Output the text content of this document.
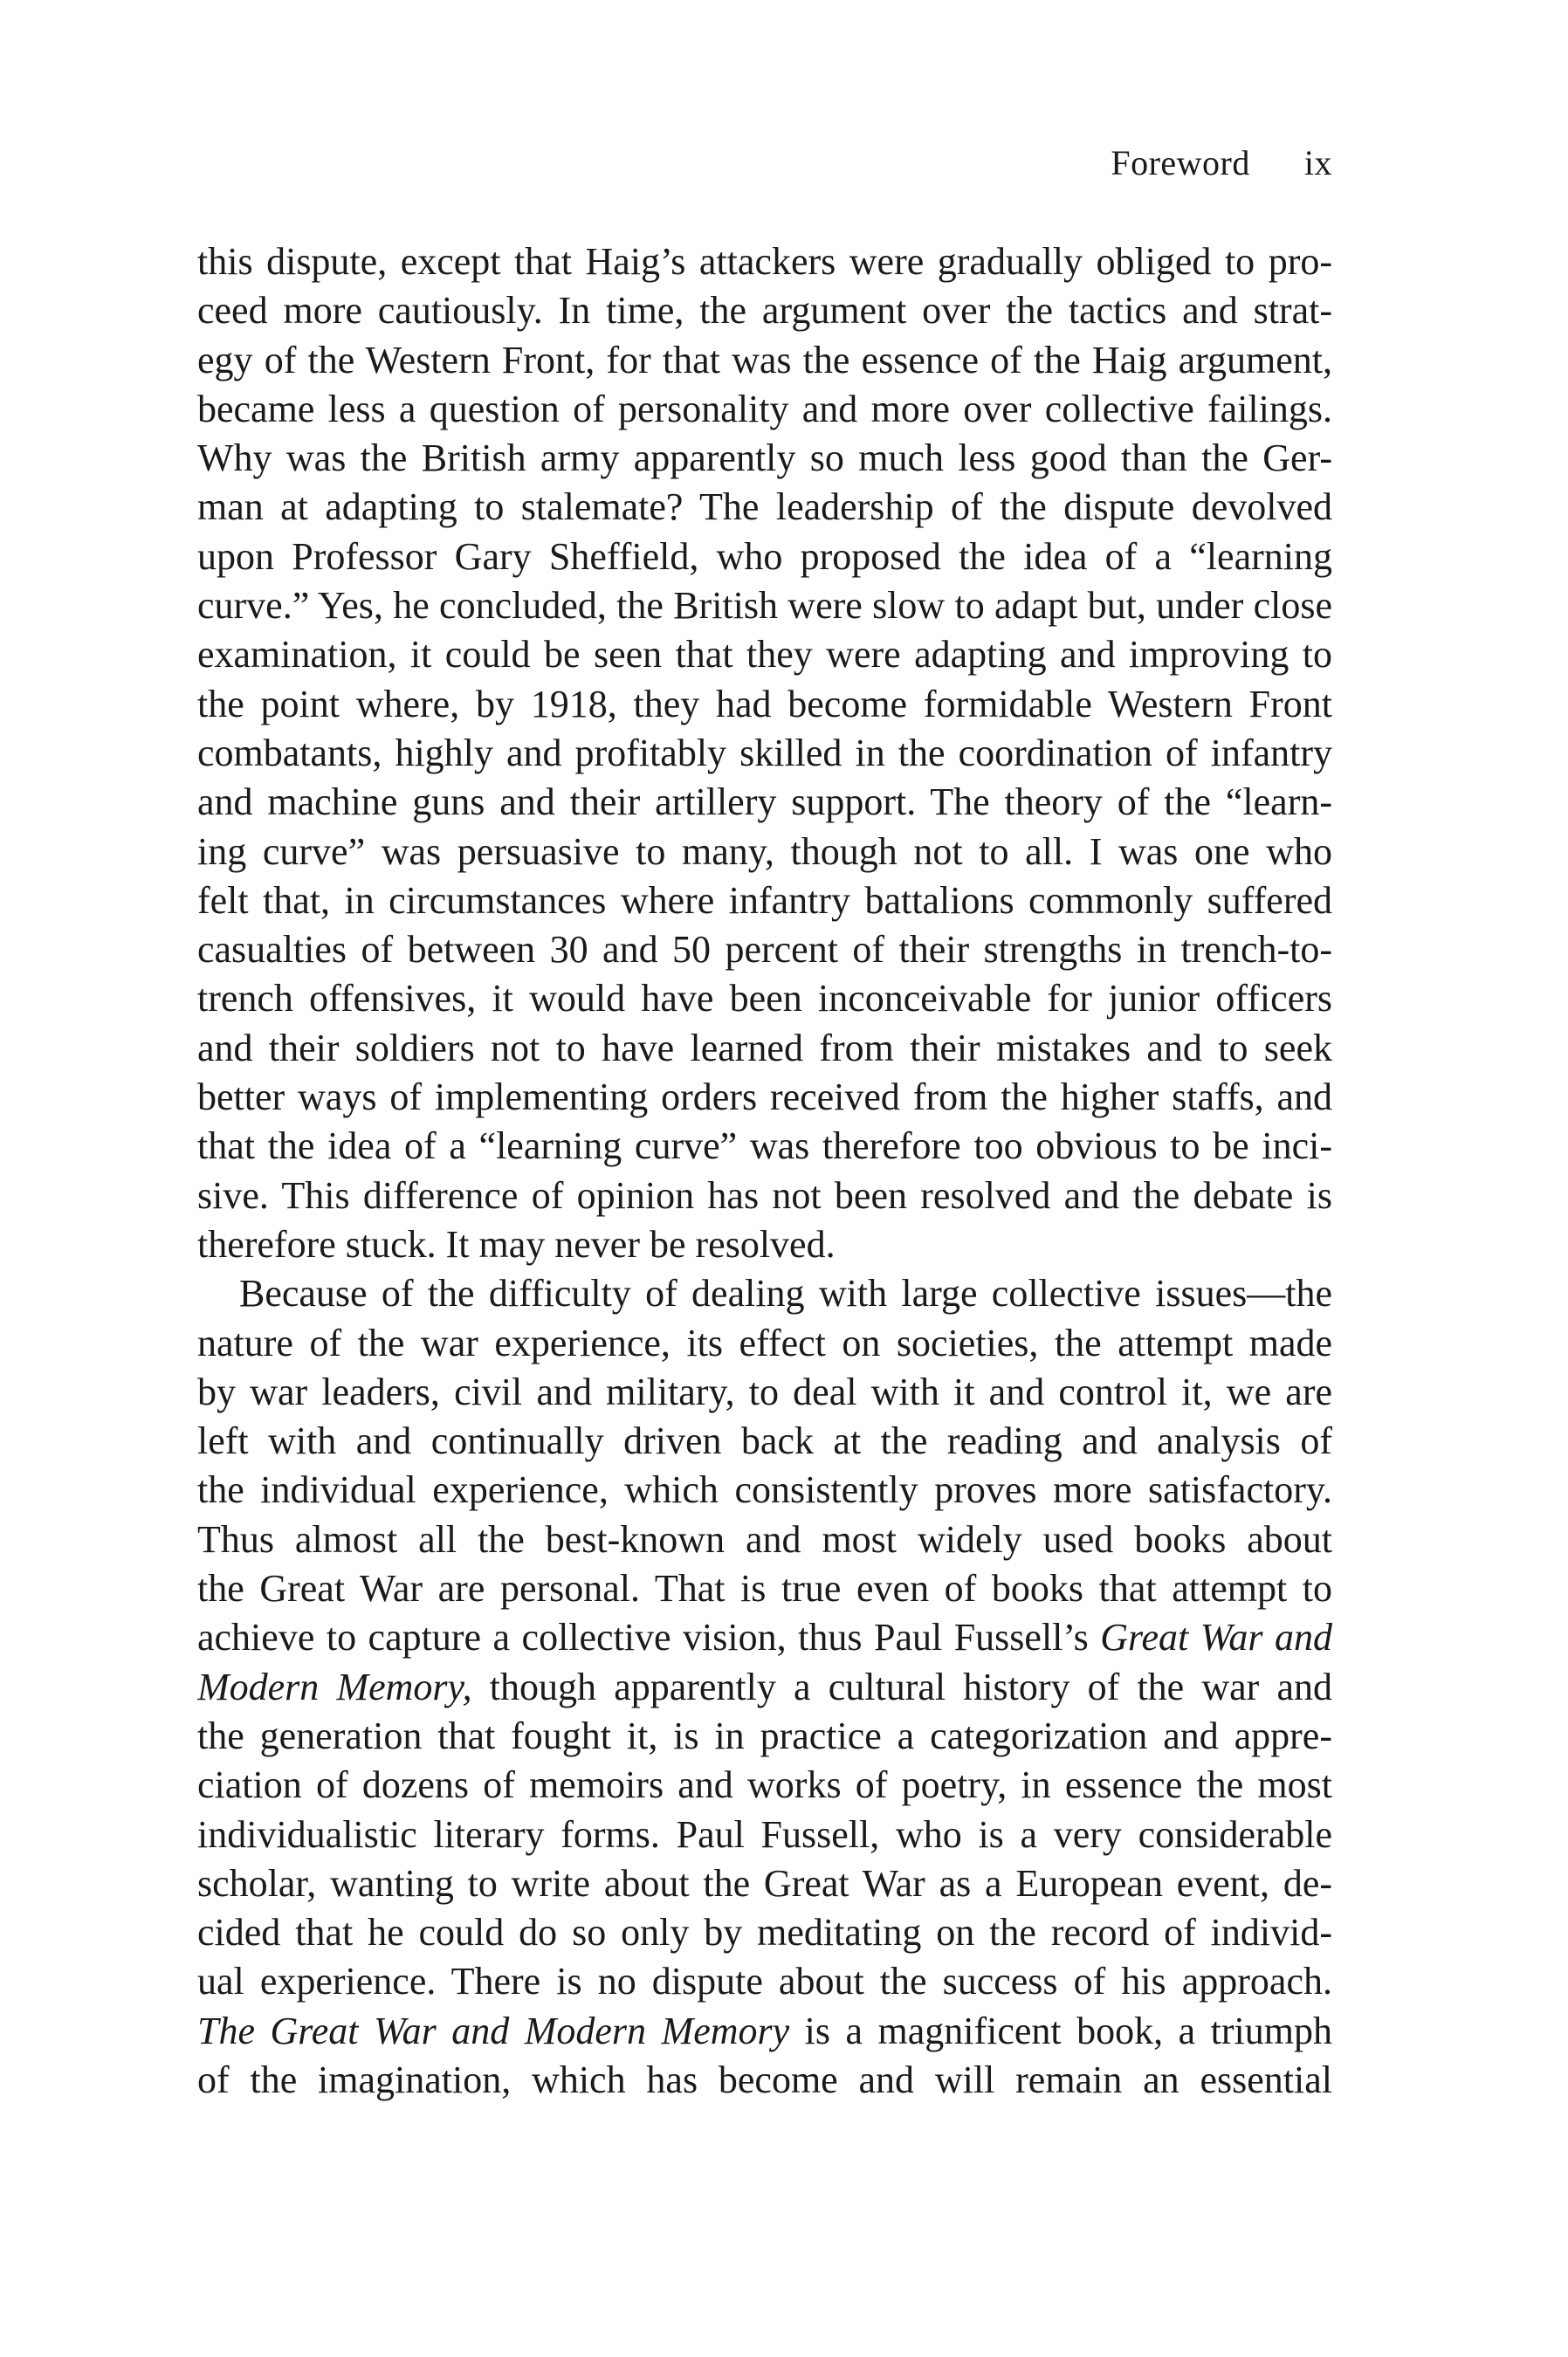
Foreword ix
this dispute, except that Haig’s attackers were gradually obliged to pro-
ceed more cautiously. In time, the argument over the tactics and strat-
egy of the Western Front, for that was the essence of the Haig argument,
became less a question of personality and more over collective failings.
Why was the British army apparently so much less good than the Ger-
man at adapting to stalemate? The leadership of the dispute devolved
upon Professor Gary Sheffield, who proposed the idea of a “learning
curve.” Yes, he concluded, the British were slow to adapt but, under close
examination, it could be seen that they were adapting and improving to
the point where, by 1918, they had become formidable Western Front
combatants, highly and profitably skilled in the coordination of infantry
and machine guns and their artillery support. The theory of the “learn-
ing curve” was persuasive to many, though not to all. I was one who
felt that, in circumstances where infantry battalions commonly suffered
casualties of between 30 and 50 percent of their strengths in trench-to-
trench offensives, it would have been inconceivable for junior officers
and their soldiers not to have learned from their mistakes and to seek
better ways of implementing orders received from the higher staffs, and
that the idea of a “learning curve” was therefore too obvious to be inci-
sive. This difference of opinion has not been resolved and the debate is
therefore stuck. It may never be resolved.
Because of the difficulty of dealing with large collective issues—the
nature of the war experience, its effect on societies, the attempt made
by war leaders, civil and military, to deal with it and control it, we are
left with and continually driven back at the reading and analysis of
the individual experience, which consistently proves more satisfactory.
Thus almost all the best-known and most widely used books about
the Great War are personal. That is true even of books that attempt to
achieve to capture a collective vision, thus Paul Fussell’s Great War and
Modern Memory, though apparently a cultural history of the war and
the generation that fought it, is in practice a categorization and appre-
ciation of dozens of memoirs and works of poetry, in essence the most
individualistic literary forms. Paul Fussell, who is a very considerable
scholar, wanting to write about the Great War as a European event, de-
cided that he could do so only by meditating on the record of individ-
ual experience. There is no dispute about the success of his approach.
The Great War and Modern Memory is a magnificent book, a triumph
of the imagination, which has become and will remain an essential
